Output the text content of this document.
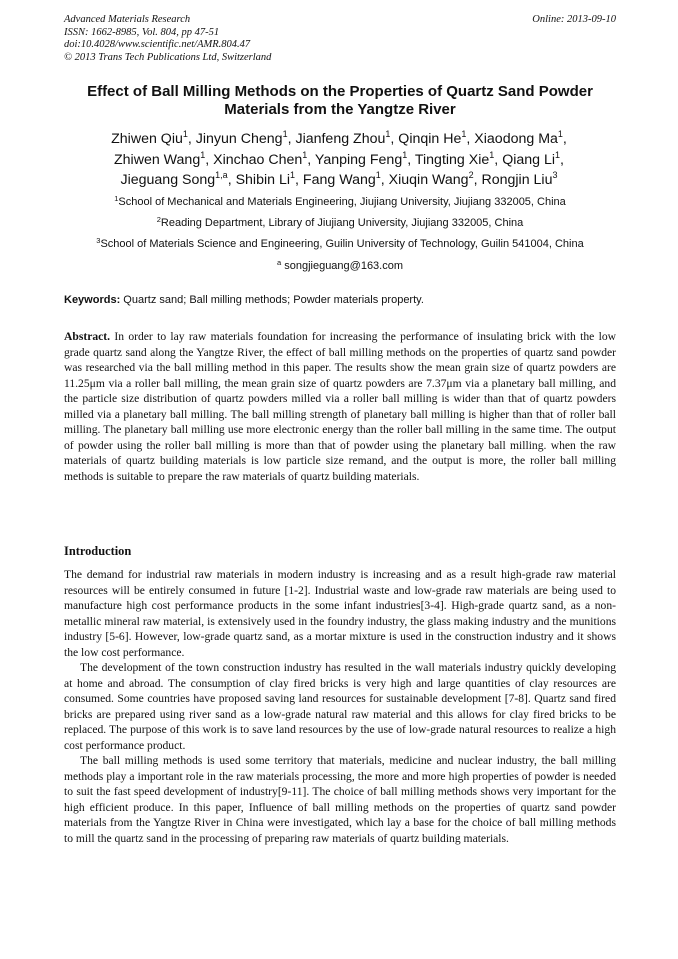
Advanced Materials Research
ISSN: 1662-8985, Vol. 804, pp 47-51
doi:10.4028/www.scientific.net/AMR.804.47
© 2013 Trans Tech Publications Ltd, Switzerland
Online: 2013-09-10
Effect of Ball Milling Methods on the Properties of Quartz Sand Powder Materials from the Yangtze River
Zhiwen Qiu$^1$, Jinyun Cheng$^1$, Jianfeng Zhou$^1$, Qinqin He$^1$, Xiaodong Ma$^1$,
Zhiwen Wang$^1$, Xinchao Chen$^1$, Yanping Feng$^1$, Tingting Xie$^1$, Qiang Li$^1$,
Jieguang Song$^{1,a}$, Shibin Li$^1$, Fang Wang$^1$, Xiuqin Wang$^2$, Rongjin Liu$^3$
$^1$School of Mechanical and Materials Engineering, Jiujiang University, Jiujiang 332005, China
$^2$Reading Department, Library of Jiujiang University, Jiujiang 332005, China
$^3$School of Materials Science and Engineering, Guilin University of Technology, Guilin 541004, China
$^a$ songjieguang@163.com
Keywords: Quartz sand; Ball milling methods; Powder materials property.

Abstract. In order to lay raw materials foundation for increasing the performance of insulating brick with the low grade quartz sand along the Yangtze River, the effect of ball milling methods on the properties of quartz sand powder was researched via the ball milling method in this paper. The results show the mean grain size of quartz powders are 11.25μm via a roller ball milling, the mean grain size of quartz powders are 7.37μm via a planetary ball milling, and the particle size distribution of quartz powders milled via a roller ball milling is wider than that of quartz powders milled via a planetary ball milling. The ball milling strength of planetary ball milling is higher than that of roller ball milling. The planetary ball milling use more electronic energy than the roller ball milling in the same time. The output of powder using the roller ball milling is more than that of powder using the planetary ball milling. when the raw materials of quartz building materials is low particle size remand, and the output is more, the roller ball milling methods is suitable to prepare the raw materials of quartz building materials.

Introduction

The demand for industrial raw materials in modern industry is increasing and as a result high-grade raw material resources will be entirely consumed in future [1-2]. Industrial waste and low-grade raw materials are being used to manufacture high cost performance products in the some infant industries[3-4]. High-grade quartz sand, as a non-metallic mineral raw material, is extensively used in the foundry industry, the glass making industry and the munitions industry [5-6]. However, low-grade quartz sand, as a mortar mixture is used in the construction industry and it shows the low cost performance.

The development of the town construction industry has resulted in the wall materials industry quickly developing at home and abroad. The consumption of clay fired bricks is very high and large quantities of clay resources are consumed. Some countries have proposed saving land resources for sustainable development [7-8]. Quartz sand fired bricks are prepared using river sand as a low-grade natural raw material and this allows for clay fired bricks to be replaced. The purpose of this work is to save land resources by the use of low-grade natural resources to realize a high cost performance product.

The ball milling methods is used some territory that materials, medicine and nuclear industry, the ball milling methods play a important role in the raw materials processing, the more and more high properties of powder is needed to suit the fast speed development of industry[9-11]. The choice of ball milling methods shows very important for the high efficient produce. In this paper, Influence of ball milling methods on the properties of quartz sand powder materials from the Yangtze River in China were investigated, which lay a base for the choice of ball milling methods to mill the quartz sand in the processing of preparing raw materials of quartz building materials.
